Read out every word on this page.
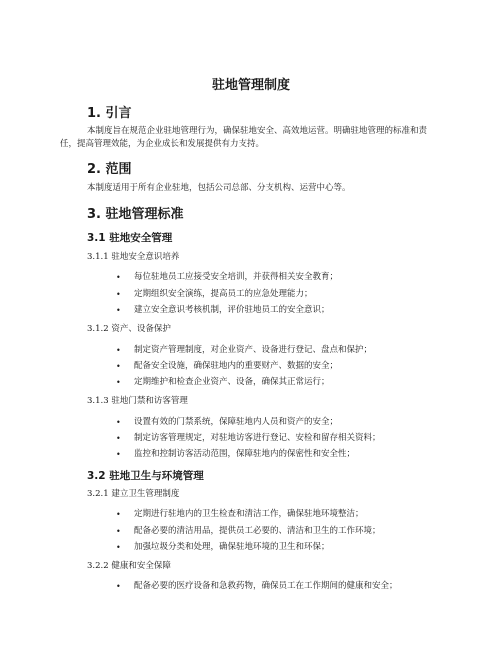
驻地管理制度
1. 引言

本制度旨在规范企业驻地管理行为，确保驻地安全、高效地运营。明确驻地管理的标准和责任，提高管理效能，为企业成长和发展提供有力支持。

2. 范围
本制度适用于所有企业驻地，包括公司总部、分支机构、运营中心等。
3. 驻地管理标准
3.1 驻地安全管理
3.1.1 驻地安全意识培养
•	每位驻地员工应接受安全培训，并获得相关安全教育；
•	定期组织安全演练，提高员工的应急处理能力；
•	建立安全意识考核机制，评价驻地员工的安全意识；
3.1.2 资产、设备保护
•	制定资产管理制度，对企业资产、设备进行登记、盘点和保护；
•	配备安全设施，确保驻地内的重要财产、数据的安全；
•	定期维护和检查企业资产、设备，确保其正常运行；
3.1.3 驻地门禁和访客管理
•	设置有效的门禁系统，保障驻地内人员和资产的安全；
•	制定访客管理规定，对驻地访客进行登记、安检和留存相关资料；
•	监控和控制访客活动范围，保障驻地内的保密性和安全性；
3.2 驻地卫生与环境管理
3.2.1 建立卫生管理制度
•	定期进行驻地内的卫生检查和清洁工作，确保驻地环境整洁；
•	配备必要的清洁用品，提供员工必要的、清洁和卫生的工作环境；
•	加强垃圾分类和处理，确保驻地环境的卫生和环保；
3.2.2 健康和安全保障
•	配备必要的医疗设备和急救药物，确保员工在工作期间的健康和安全；
